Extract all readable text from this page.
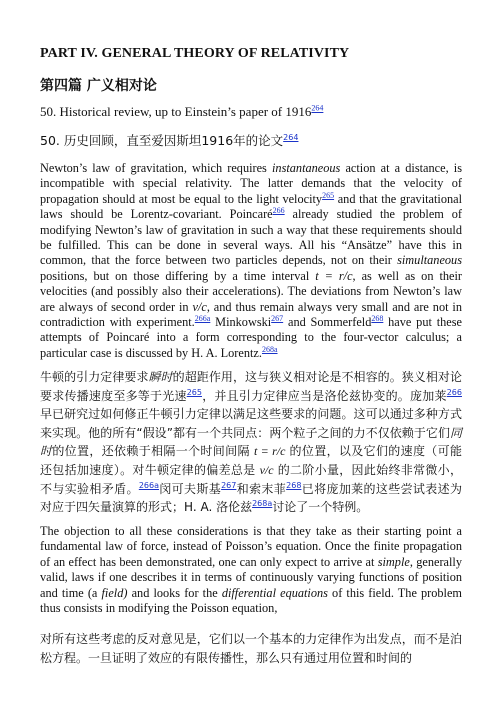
PART IV. GENERAL THEORY OF RELATIVITY
第四篇 广义相对论
50. Historical review, up to Einstein’s paper of 1916$^{264}$
50. 历史回顾，直至爱因斯坦1916年的论文$^{264}$
Newton’s law of gravitation, which requires instantaneous action at a distance, is incompatible with special relativity. The latter demands that the velocity of propagation should at most be equal to the light velocity$^{265}$ and that the gravitational laws should be Lorentz-covariant. Poincaré$^{266}$ already studied the problem of modifying Newton’s law of gravitation in such a way that these requirements should be fulfilled. This can be done in several ways. All his “Ansätze” have this in common, that the force between two particles depends, not on their simultaneous positions, but on those differing by a time interval t = r/c, as well as on their velocities (and possibly also their accelerations). The deviations from Newton’s law are always of second order in v/c, and thus remain always very small and are not in contradiction with experiment.$^{266a}$ Minkowski$^{267}$ and Sommerfeld$^{268}$ have put these attempts of Poincaré into a form corresponding to the four-vector calculus; a particular case is discussed by H. A. Lorentz.$^{268a}$
牛顿的引力定律要求瞬时的超距作用，这与狭义相对论是不相容的。狭义相对论要求传播速度至多等于光速$^{265}$，并且引力定律应当是洛伦兹协变的。庞加莱$^{266}$早已研究过如何修正牛顿引力定律以满足这些要求的问题。这可以通过多种方式来实现。他的所有“假设”都有一个共同点：两个粒子之间的力不仅依赖于它们同时的位置，还依赖于相隔一个时间间隔 t = r/c 的位置，以及它们的速度（可能还包括加速度）。对牛顿定律的偏差总是 v/c 的二阶小量，因此始终非常微小，不与实验相矛盾。$^{266a}$闵可夫斯基$^{267}$和索末菲$^{268}$已将庞加莱的这些尝试表述为对应于四矢量演算的形式；H. A. 洛伦兹$^{268a}$讨论了一个特例。
The objection to all these considerations is that they take as their starting point a fundamental law of force, instead of Poisson’s equation. Once the finite propagation of an effect has been demonstrated, one can only expect to arrive at simple, generally valid, laws if one describes it in terms of continuously varying functions of position and time (a field) and looks for the differential equations of this field. The problem thus consists in modifying the Poisson equation,
对所有这些考虑的反对意见是，它们以一个基本的力定律作为出发点，而不是泊松方程。一旦证明了效应的有限传播性，那么只有通过用位置和时间的
